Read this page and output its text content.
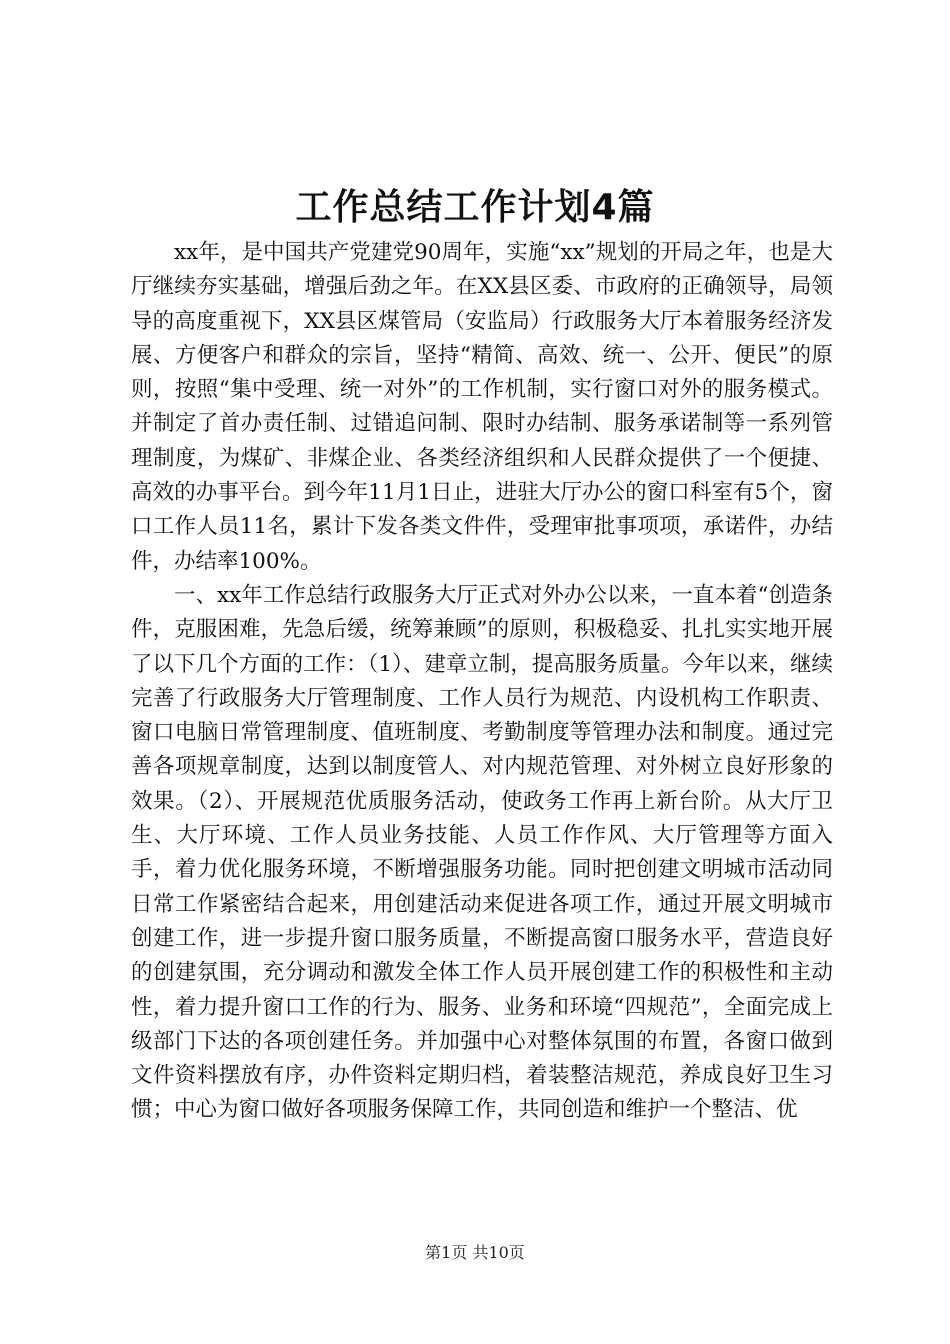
工作总结工作计划4篇

xx年，是中国共产党建党90周年，实施“xx”规划的开局之年，也是大厅继续夯实基础，增强后劲之年。在XX县区委、市政府的正确领导，局领导的高度重视下，XX县区煤管局（安监局）行政服务大厅本着服务经济发展、方便客户和群众的宗旨，坚持“精简、高效、统一、公开、便民”的原则，按照“集中受理、统一对外”的工作机制，实行窗口对外的服务模式。并制定了首办责任制、过错追问制、限时办结制、服务承诺制等一系列管理制度，为煤矿、非煤企业、各类经济组织和人民群众提供了一个便捷、高效的办事平台。到今年11月1日止，进驻大厅办公的窗口科室有5个，窗口工作人员11名，累计下发各类文件件，受理审批事项项，承诺件，办结件，办结率100%。

一、xx年工作总结行政服务大厅正式对外办公以来，一直本着“创造条件，克服困难，先急后缓，统筹兼顾”的原则，积极稳妥、扎扎实实地开展了以下几个方面的工作：（1）、建章立制，提高服务质量。今年以来，继续完善了行政服务大厅管理制度、工作人员行为规范、内设机构工作职责、窗口电脑日常管理制度、值班制度、考勤制度等管理办法和制度。通过完善各项规章制度，达到以制度管人、对内规范管理、对外树立良好形象的效果。（2）、开展规范优质服务活动，使政务工作再上新台阶。从大厅卫生、大厅环境、工作人员业务技能、人员工作作风、大厅管理等方面入手，着力优化服务环境，不断增强服务功能。同时把创建文明城市活动同日常工作紧密结合起来，用创建活动来促进各项工作，通过开展文明城市创建工作，进一步提升窗口服务质量，不断提高窗口服务水平，营造良好的创建氛围，充分调动和激发全体工作人员开展创建工作的积极性和主动性，着力提升窗口工作的行为、服务、业务和环境“四规范”，全面完成上级部门下达的各项创建任务。并加强中心对整体氛围的布置，各窗口做到文件资料摆放有序，办件资料定期归档，着装整洁规范，养成良好卫生习惯；中心为窗口做好各项服务保障工作，共同创造和维护一个整洁、优

第1页 共10页
